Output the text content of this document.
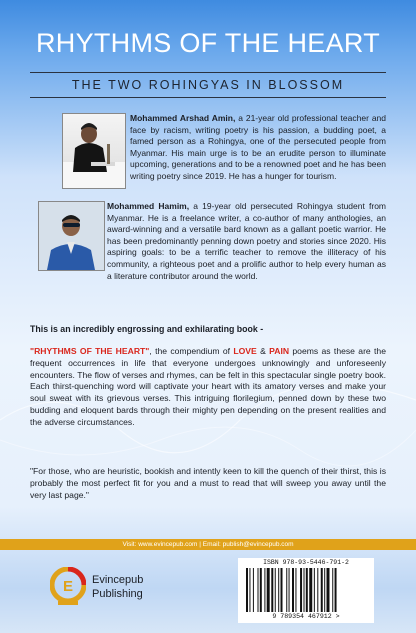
RHYTHMS OF THE HEART
THE TWO ROHINGYAS IN BLOSSOM
Mohammed Arshad Amin, a 21-year old professional teacher and face by racism, writing poetry is his passion, a budding poet, a famed person as a Rohingya, one of the persecuted people from Myanmar. His main urge is to be an erudite person to illuminate upcoming, generations and to be a renowned poet and he has been writing poetry since 2019. He has a hunger for tourism.
Mohammed Hamim, a 19-year old persecuted Rohingya student from Myanmar. He is a freelance writer, a co-author of many anthologies, an award-winning and a versatile bard known as a gallant poetic warrior. He has been predominantly penning down poetry and stories since 2020. His aspiring goals: to be a terrific teacher to remove the illiteracy of his community, a righteous poet and a prolific author to help every human as a literature contributor around the world.
This is an incredibly engrossing and exhilarating book -
"RHYTHMS OF THE HEART", the compendium of LOVE & PAIN poems as these are the frequent occurrences in life that everyone undergoes unknowingly and unforeseenly encounters. The flow of verses and rhymes, can be felt in this spectacular single poetry book. Each thirst-quenching word will captivate your heart with its amatory verses and make your soul sweat with its grievous verses. This intriguing florilegium, penned down by these two budding and eloquent bards through their mighty pen depending on the present realities and the adverse circumstances.
"For those, who are heuristic, bookish and intently keen to kill the quench of their thirst, this is probably the most perfect fit for you and a must to read that will sweep you away until the very last page."
Visit: www.evincepub.com | Email: publish@evincepub.com
E Evincepub
Publishing
ISBN 978-93-5446-791-2
9 789354 467912 >
